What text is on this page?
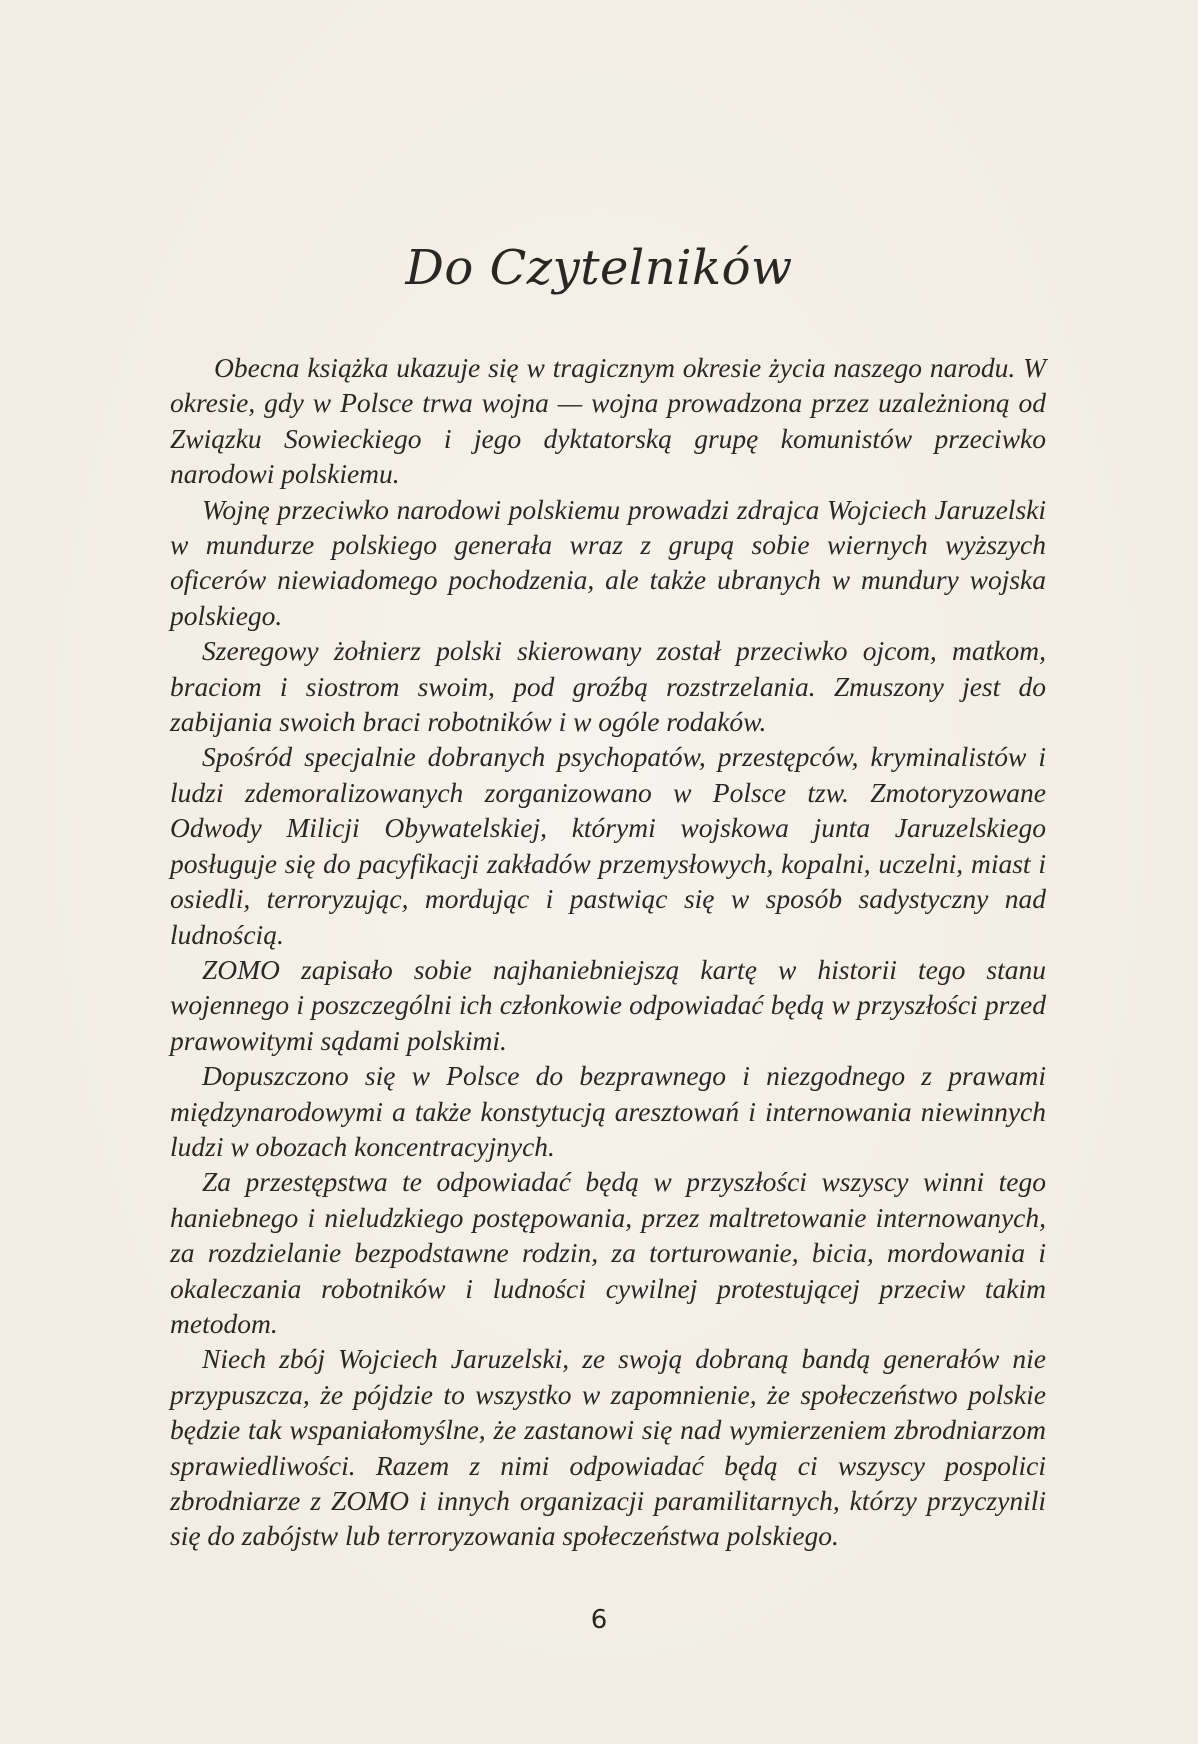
Do Czytelników

Obecna książka ukazuje się w tragicznym okresie życia naszego narodu. W okresie, gdy w Polsce trwa wojna — wojna prowadzona przez uzależnioną od Związku Sowieckiego i jego dyktatorską grupę komunistów przeciwko narodowi polskiemu.

Wojnę przeciwko narodowi polskiemu prowadzi zdrajca Wojciech Jaruzelski w mundurze polskiego generała wraz z grupą sobie wiernych wyższych oficerów niewiadomego pochodzenia, ale także ubranych w mundury wojska polskiego.

Szeregowy żołnierz polski skierowany został przeciwko ojcom, matkom, braciom i siostrom swoim, pod groźbą rozstrzelania. Zmuszony jest do zabijania swoich braci robotników i w ogóle rodaków.

Spośród specjalnie dobranych psychopatów, przestępców, kryminalistów i ludzi zdemoralizowanych zorganizowano w Polsce tzw. Zmotoryzowane Odwody Milicji Obywatelskiej, którymi wojskowa junta Jaruzelskiego posługuje się do pacyfikacji zakładów przemysłowych, kopalni, uczelni, miast i osiedli, terroryzując, mordując i pastwiąc się w sposób sadystyczny nad ludnością.

ZOMO zapisało sobie najhaniebniejszą kartę w historii tego stanu wojennego i poszczególni ich członkowie odpowiadać będą w przyszłości przed prawowitymi sądami polskimi.

Dopuszczono się w Polsce do bezprawnego i niezgodnego z prawami międzynarodowymi a także konstytucją aresztowań i internowania niewinnych ludzi w obozach koncentracyjnych.

Za przestępstwa te odpowiadać będą w przyszłości wszyscy winni tego haniebnego i nieludzkiego postępowania, przez maltretowanie internowanych, za rozdzielanie bezpodstawne rodzin, za torturowanie, bicia, mordowania i okaleczania robotników i ludności cywilnej protestującej przeciw takim metodom.

Niech zbój Wojciech Jaruzelski, ze swoją dobraną bandą generałów nie przypuszcza, że pójdzie to wszystko w zapomnienie, że społeczeństwo polskie będzie tak wspaniałomyślne, że zastanowi się nad wymierzeniem zbrodniarzom sprawiedliwości. Razem z nimi odpowiadać będą ci wszyscy pospolici zbrodniarze z ZOMO i innych organizacji paramilitarnych, którzy przyczynili się do zabójstw lub terroryzowania społeczeństwa polskiego.

6
